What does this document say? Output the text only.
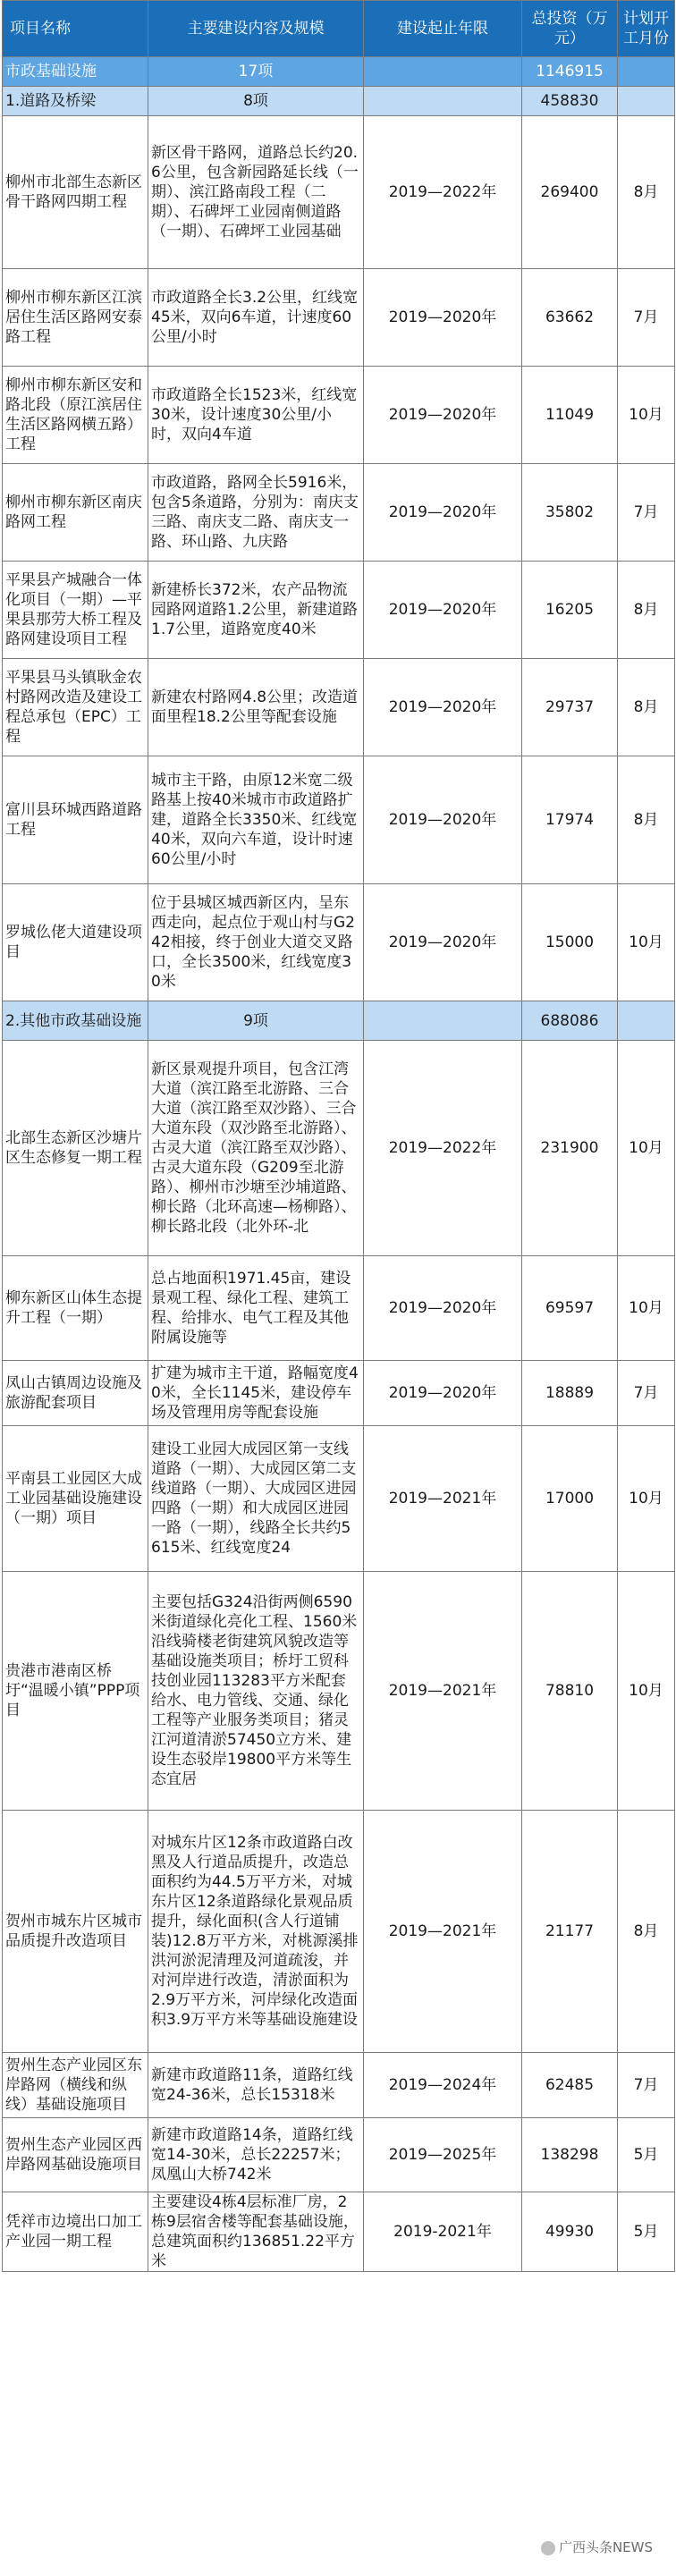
项目名称	主要建设内容及规模	建设起止年限	总投资（万元）	计划开工月份
市政基础设施	17项		1146915	
1.道路及桥梁	8项		458830	
柳州市北部生态新区骨干路网四期工程	新区骨干路网，道路总长约20.6公里，包含新园路延长线（一期）、滨江路南段工程（二期）、石碑坪工业园南侧道路（一期）、石碑坪工业园基础	2019—2022年	269400	8月
柳州市柳东新区江滨居住生活区路网安泰路工程	市政道路全长3.2公里，红线宽45米，双向6车道，计速度60公里/小时	2019—2020年	63662	7月
柳州市柳东新区安和路北段（原江滨居住生活区路网横五路）工程	市政道路全长1523米，红线宽30米，设计速度30公里/小时，双向4车道	2019—2020年	11049	10月
柳州市柳东新区南庆路网工程	市政道路，路网全长5916米，包含5条道路，分别为：南庆支三路、南庆支二路、南庆支一路、环山路、九庆路	2019—2020年	35802	7月
平果县产城融合一体化项目（一期）—平果县那劳大桥工程及路网建设项目工程	新建桥长372米，农产品物流园路网道路1.2公里，新建道路1.7公里，道路宽度40米	2019—2020年	16205	8月
平果县马头镇耿金农村路网改造及建设工程总承包（EPC）工程	新建农村路网4.8公里；改造道面里程18.2公里等配套设施	2019—2020年	29737	8月
富川县环城西路道路工程	城市主干路，由原12米宽二级路基上按40米城市市政道路扩建，道路全长3350米、红线宽40米，双向六车道，设计时速60公里/小时	2019—2020年	17974	8月
罗城仫佬大道建设项目	位于县城区城西新区内，呈东西走向，起点位于观山村与G242相接，终于创业大道交叉路口，全长3500米，红线宽度30米	2019—2020年	15000	10月
2.其他市政基础设施	9项		688086	
北部生态新区沙塘片区生态修复一期工程	新区景观提升项目，包含江湾大道（滨江路至北游路、三合大道（滨江路至双沙路）、三合大道东段（双沙路至北游路）、古灵大道（滨江路至双沙路）、古灵大道东段（G209至北游路）、柳州市沙塘至沙埔道路、柳长路（北环高速—杨柳路）、柳长路北段（北外环-北	2019—2022年	231900	10月
柳东新区山体生态提升工程（一期）	总占地面积1971.45亩，建设景观工程、绿化工程、建筑工程、给排水、电气工程及其他附属设施等	2019—2020年	69597	10月
凤山古镇周边设施及旅游配套项目	扩建为城市主干道，路幅宽度40米，全长1145米，建设停车场及管理用房等配套设施	2019—2020年	18889	7月
平南县工业园区大成工业园基础设施建设（一期）项目	建设工业园大成园区第一支线道路（一期）、大成园区第二支线道路（一期）、大成园区进园四路（一期）和大成园区进园一路（一期），线路全长共约5615米、红线宽度24	2019—2021年	17000	10月
贵港市港南区桥圩“温暖小镇”PPP项目	主要包括G324沿街两侧6590米街道绿化亮化工程、1560米沿线骑楼老街建筑风貌改造等基础设施类项目；桥圩工贸科技创业园113283平方米配套给水、电力管线、交通、绿化工程等产业服务类项目；猪灵江河道清淤57450立方米、建设生态驳岸19800平方米等生态宜居	2019—2021年	78810	10月
贺州市城东片区城市品质提升改造项目	对城东片区12条市政道路白改黑及人行道品质提升，改造总面积约为44.5万平方米，对城东片区12条道路绿化景观品质提升，绿化面积(含人行道铺装)12.8万平方米，对桃源溪排洪河淤泥清理及河道疏浚，并对河岸进行改造，清淤面积为2.9万平方米，河岸绿化改造面积3.9万平方米等基础设施建设	2019—2021年	21177	8月
贺州生态产业园区东岸路网（横线和纵线）基础设施项目	新建市政道路11条，道路红线宽24-36米，总长15318米	2019—2024年	62485	7月
贺州生态产业园区西岸路网基础设施项目	新建市政道路14条，道路红线宽14-30米，总长22257米；凤凰山大桥742米	2019—2025年	138298	5月
凭祥市边境出口加工产业园一期工程	主要建设4栋4层标准厂房，2栋9层宿舍楼等配套基础设施，总建筑面积约136851.22平方米	2019-2021年	49930	5月
广西头条NEWS
